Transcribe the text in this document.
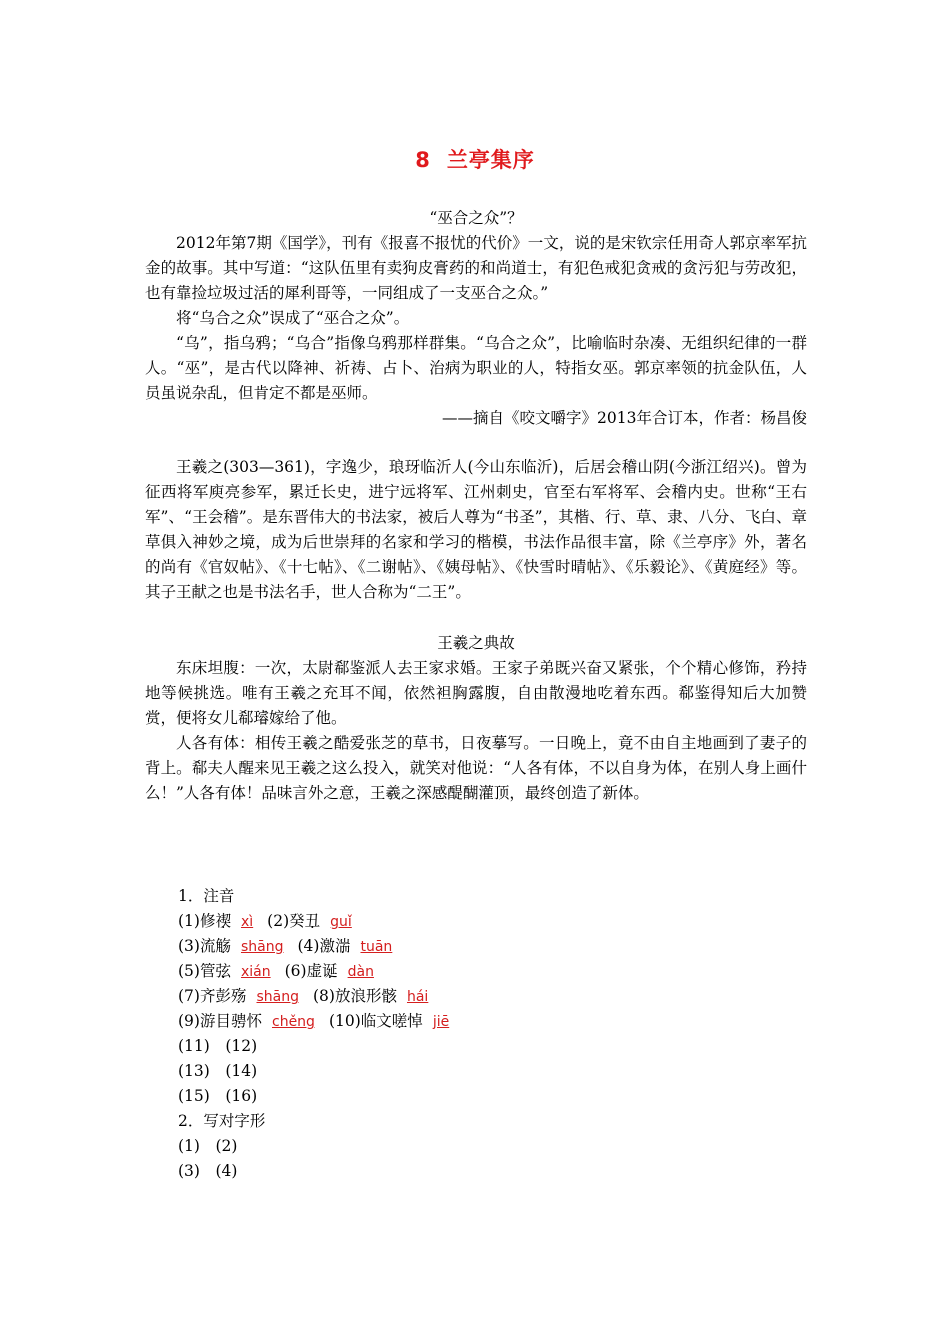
8 兰亭集序
“巫合之众”？

2012年第7期《国学》，刊有《报喜不报忧的代价》一文，说的是宋钦宗任用奇人郭京率军抗金的故事。其中写道：“这队伍里有卖狗皮膏药的和尚道士，有犯色戒犯贪戒的贪污犯与劳改犯，也有靠捡垃圾过活的犀利哥等，一同组成了一支巫合之众。”

将“乌合之众”误成了“巫合之众”。

“乌”，指乌鸦；“乌合”指像乌鸦那样群集。“乌合之众”，比喻临时杂凑、无组织纪律的一群人。“巫”，是古代以降神、祈祷、占卜、治病为职业的人，特指女巫。郭京率领的抗金队伍，人员虽说杂乱，但肯定不都是巫师。

——摘自《咬文嚼字》2013年合订本，作者：杨昌俊

王羲之(303—361)，字逸少，琅玡临沂人(今山东临沂)，后居会稽山阴(今浙江绍兴)。曾为征西将军庾亮参军，累迁长史，进宁远将军、江州刺史，官至右军将军、会稽内史。世称“王右军”、“王会稽”。是东晋伟大的书法家，被后人尊为“书圣”，其楷、行、草、隶、八分、飞白、章草俱入神妙之境，成为后世崇拜的名家和学习的楷模，书法作品很丰富，除《兰亭序》外，著名的尚有《官奴帖》、《十七帖》、《二谢帖》、《姨母帖》、《快雪时晴帖》、《乐毅论》、《黄庭经》等。其子王献之也是书法名手，世人合称为“二王”。

王羲之典故

东床坦腹：一次，太尉郗鉴派人去王家求婚。王家子弟既兴奋又紧张，个个精心修饰，矜持地等候挑选。唯有王羲之充耳不闻，依然袒胸露腹，自由散漫地吃着东西。郗鉴得知后大加赞赏，便将女儿郗璿嫁给了他。

人各有体：相传王羲之酷爱张芝的草书，日夜摹写。一日晚上，竟不由自主地画到了妻子的背上。郗夫人醒来见王羲之这么投入，就笑对他说：“人各有体，不以自身为体，在别人身上画什么！”人各有体！品味言外之意，王羲之深感醍醐灌顶，最终创造了新体。

1．注音
(1)修禊 xì (2)癸丑 guǐ
(3)流觞 shāng (4)激湍 tuān
(5)管弦 xián (6)虚诞 dàn
(7)齐彭殇 shāng (8)放浪形骸 hái
(9)游目骋怀 chěng (10)临文嗟悼 jiē
(11)　(12)
(13)　(14)
(15)　(16)
2．写对字形
(1)　(2)
(3)　(4)
